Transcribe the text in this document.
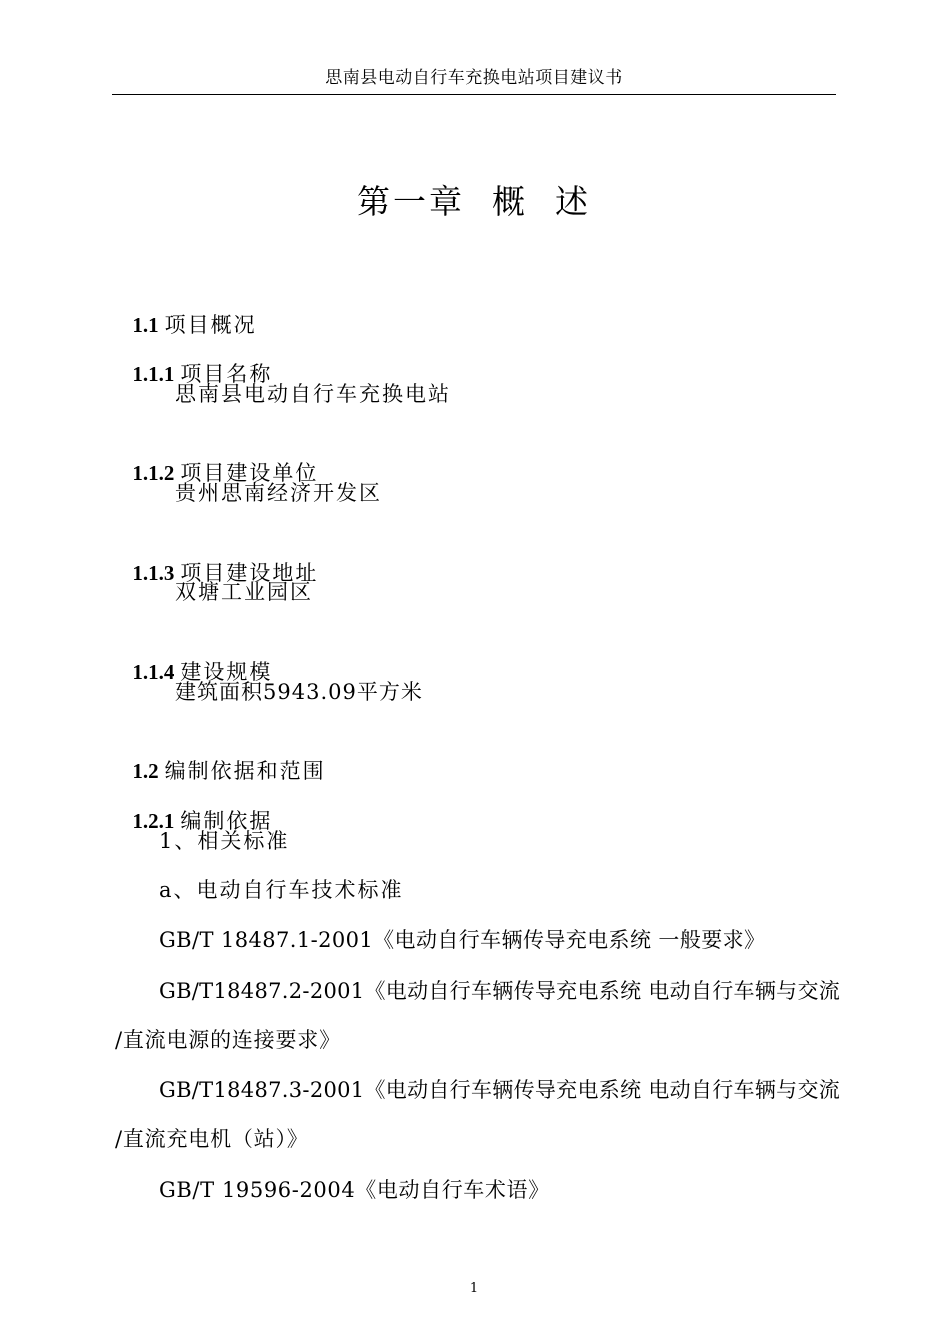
思南县电动自行车充换电站项目建议书
第一章  概  述

1.1 项目概况

1.1.1 项目名称

思南县电动自行车充换电站

1.1.2 项目建设单位

贵州思南经济开发区

1.1.3 项目建设地址

双塘工业园区

1.1.4 建设规模

建筑面积5943.09平方米

1.2 编制依据和范围

1.2.1 编制依据

1、相关标准
a、电动自行车技术标准
GB/T 18487.1-2001《电动自行车辆传导充电系统 一般要求》
GB/T18487.2-2001《电动自行车辆传导充电系统 电动自行车辆与交流
/直流电源的连接要求》
GB/T18487.3-2001《电动自行车辆传导充电系统 电动自行车辆与交流
/直流充电机（站）》
GB/T 19596-2004《电动自行车术语》
1
